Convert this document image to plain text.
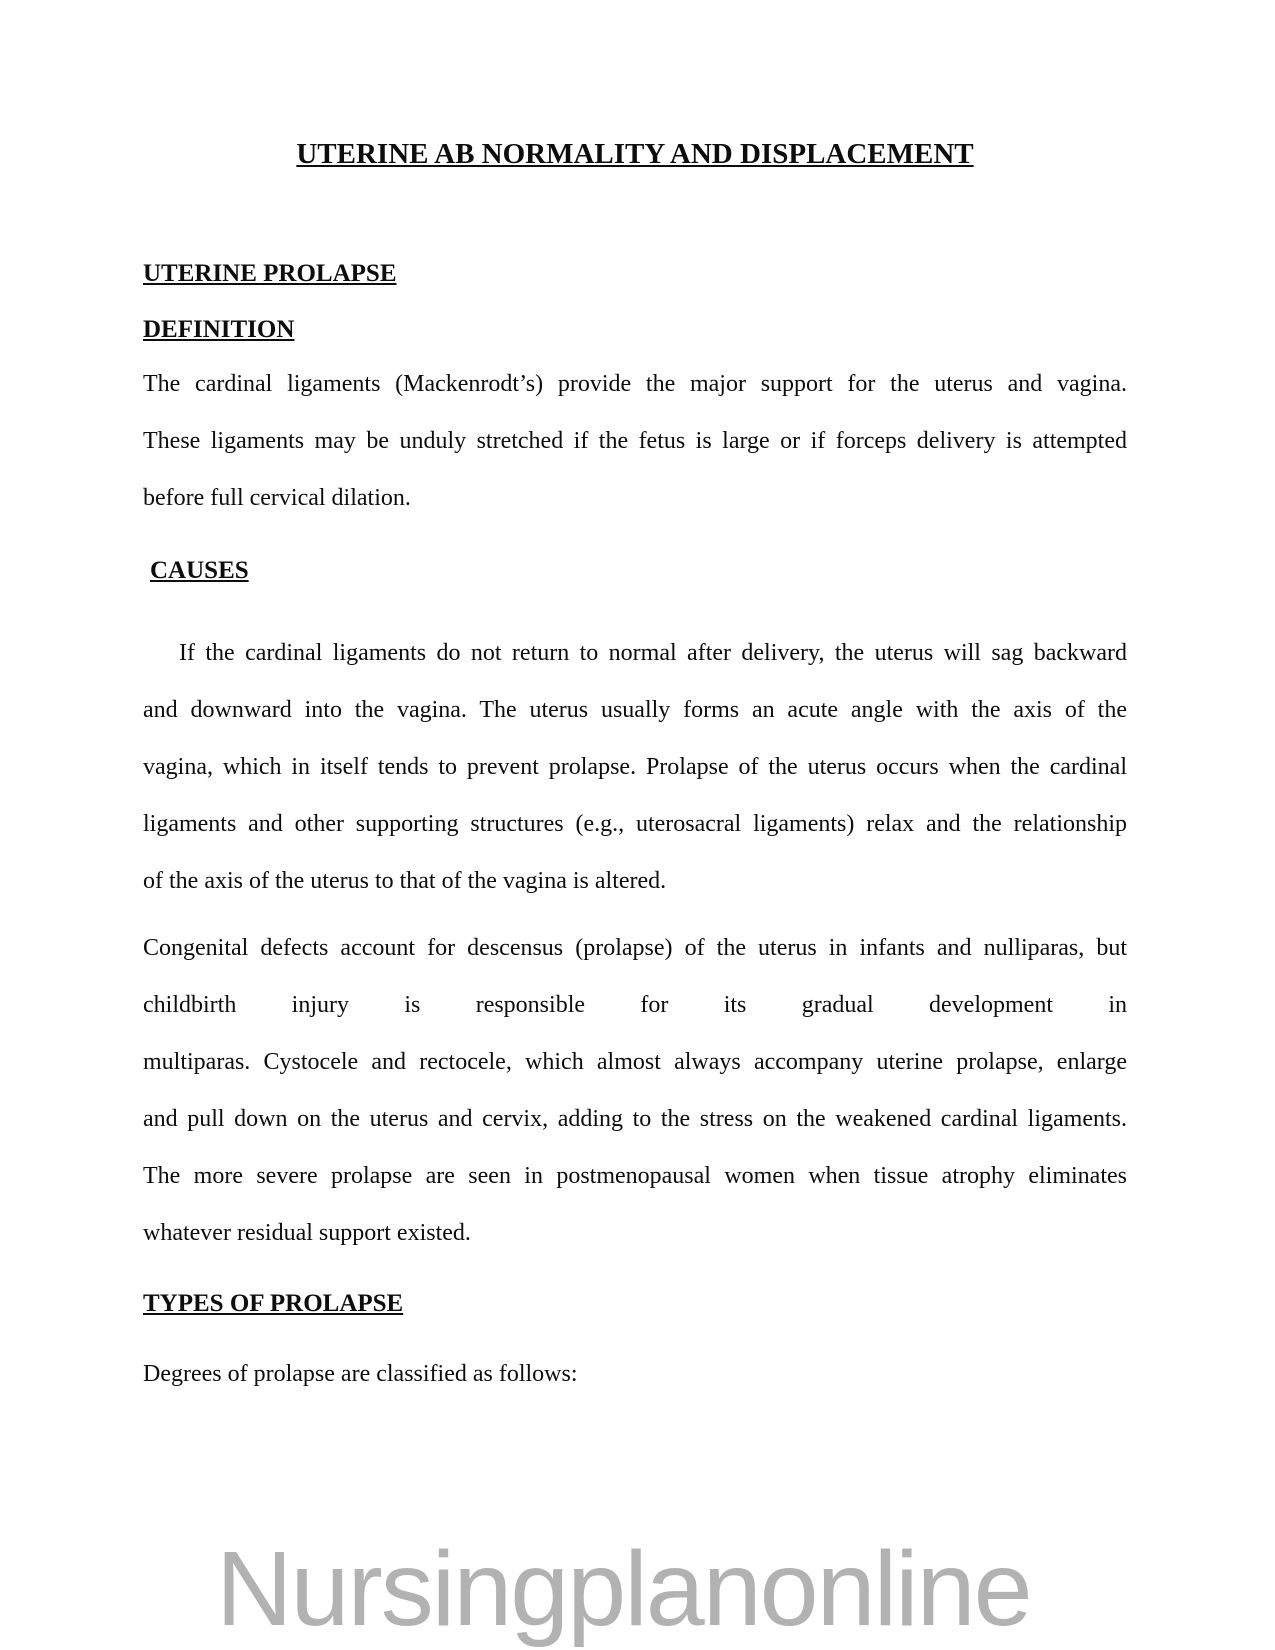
UTERINE AB NORMALITY AND DISPLACEMENT
UTERINE PROLAPSE
DEFINITION
The cardinal ligaments (Mackenrodt’s) provide the major support for the uterus and vagina.
These ligaments may be unduly stretched if the fetus is large or if forceps delivery is attempted
before full cervical dilation.
CAUSES
If the cardinal ligaments do not return to normal after delivery, the uterus will sag backward
and downward into the vagina. The uterus usually forms an acute angle with the axis of the
vagina, which in itself tends to prevent prolapse. Prolapse of the uterus occurs when the cardinal
ligaments and other supporting structures (e.g., uterosacral ligaments) relax and the relationship
of the axis of the uterus to that of the vagina is altered.
Congenital defects account for descensus (prolapse) of the uterus in infants and nulliparas, but
childbirth injury is responsible for its gradual development in
multiparas. Cystocele and rectocele, which almost always accompany uterine prolapse, enlarge
and pull down on the uterus and cervix, adding to the stress on the weakened cardinal ligaments.
The more severe prolapse are seen in postmenopausal women when tissue atrophy eliminates
whatever residual support existed.
TYPES OF PROLAPSE
Degrees of prolapse are classified as follows:
Nursingplanonline
